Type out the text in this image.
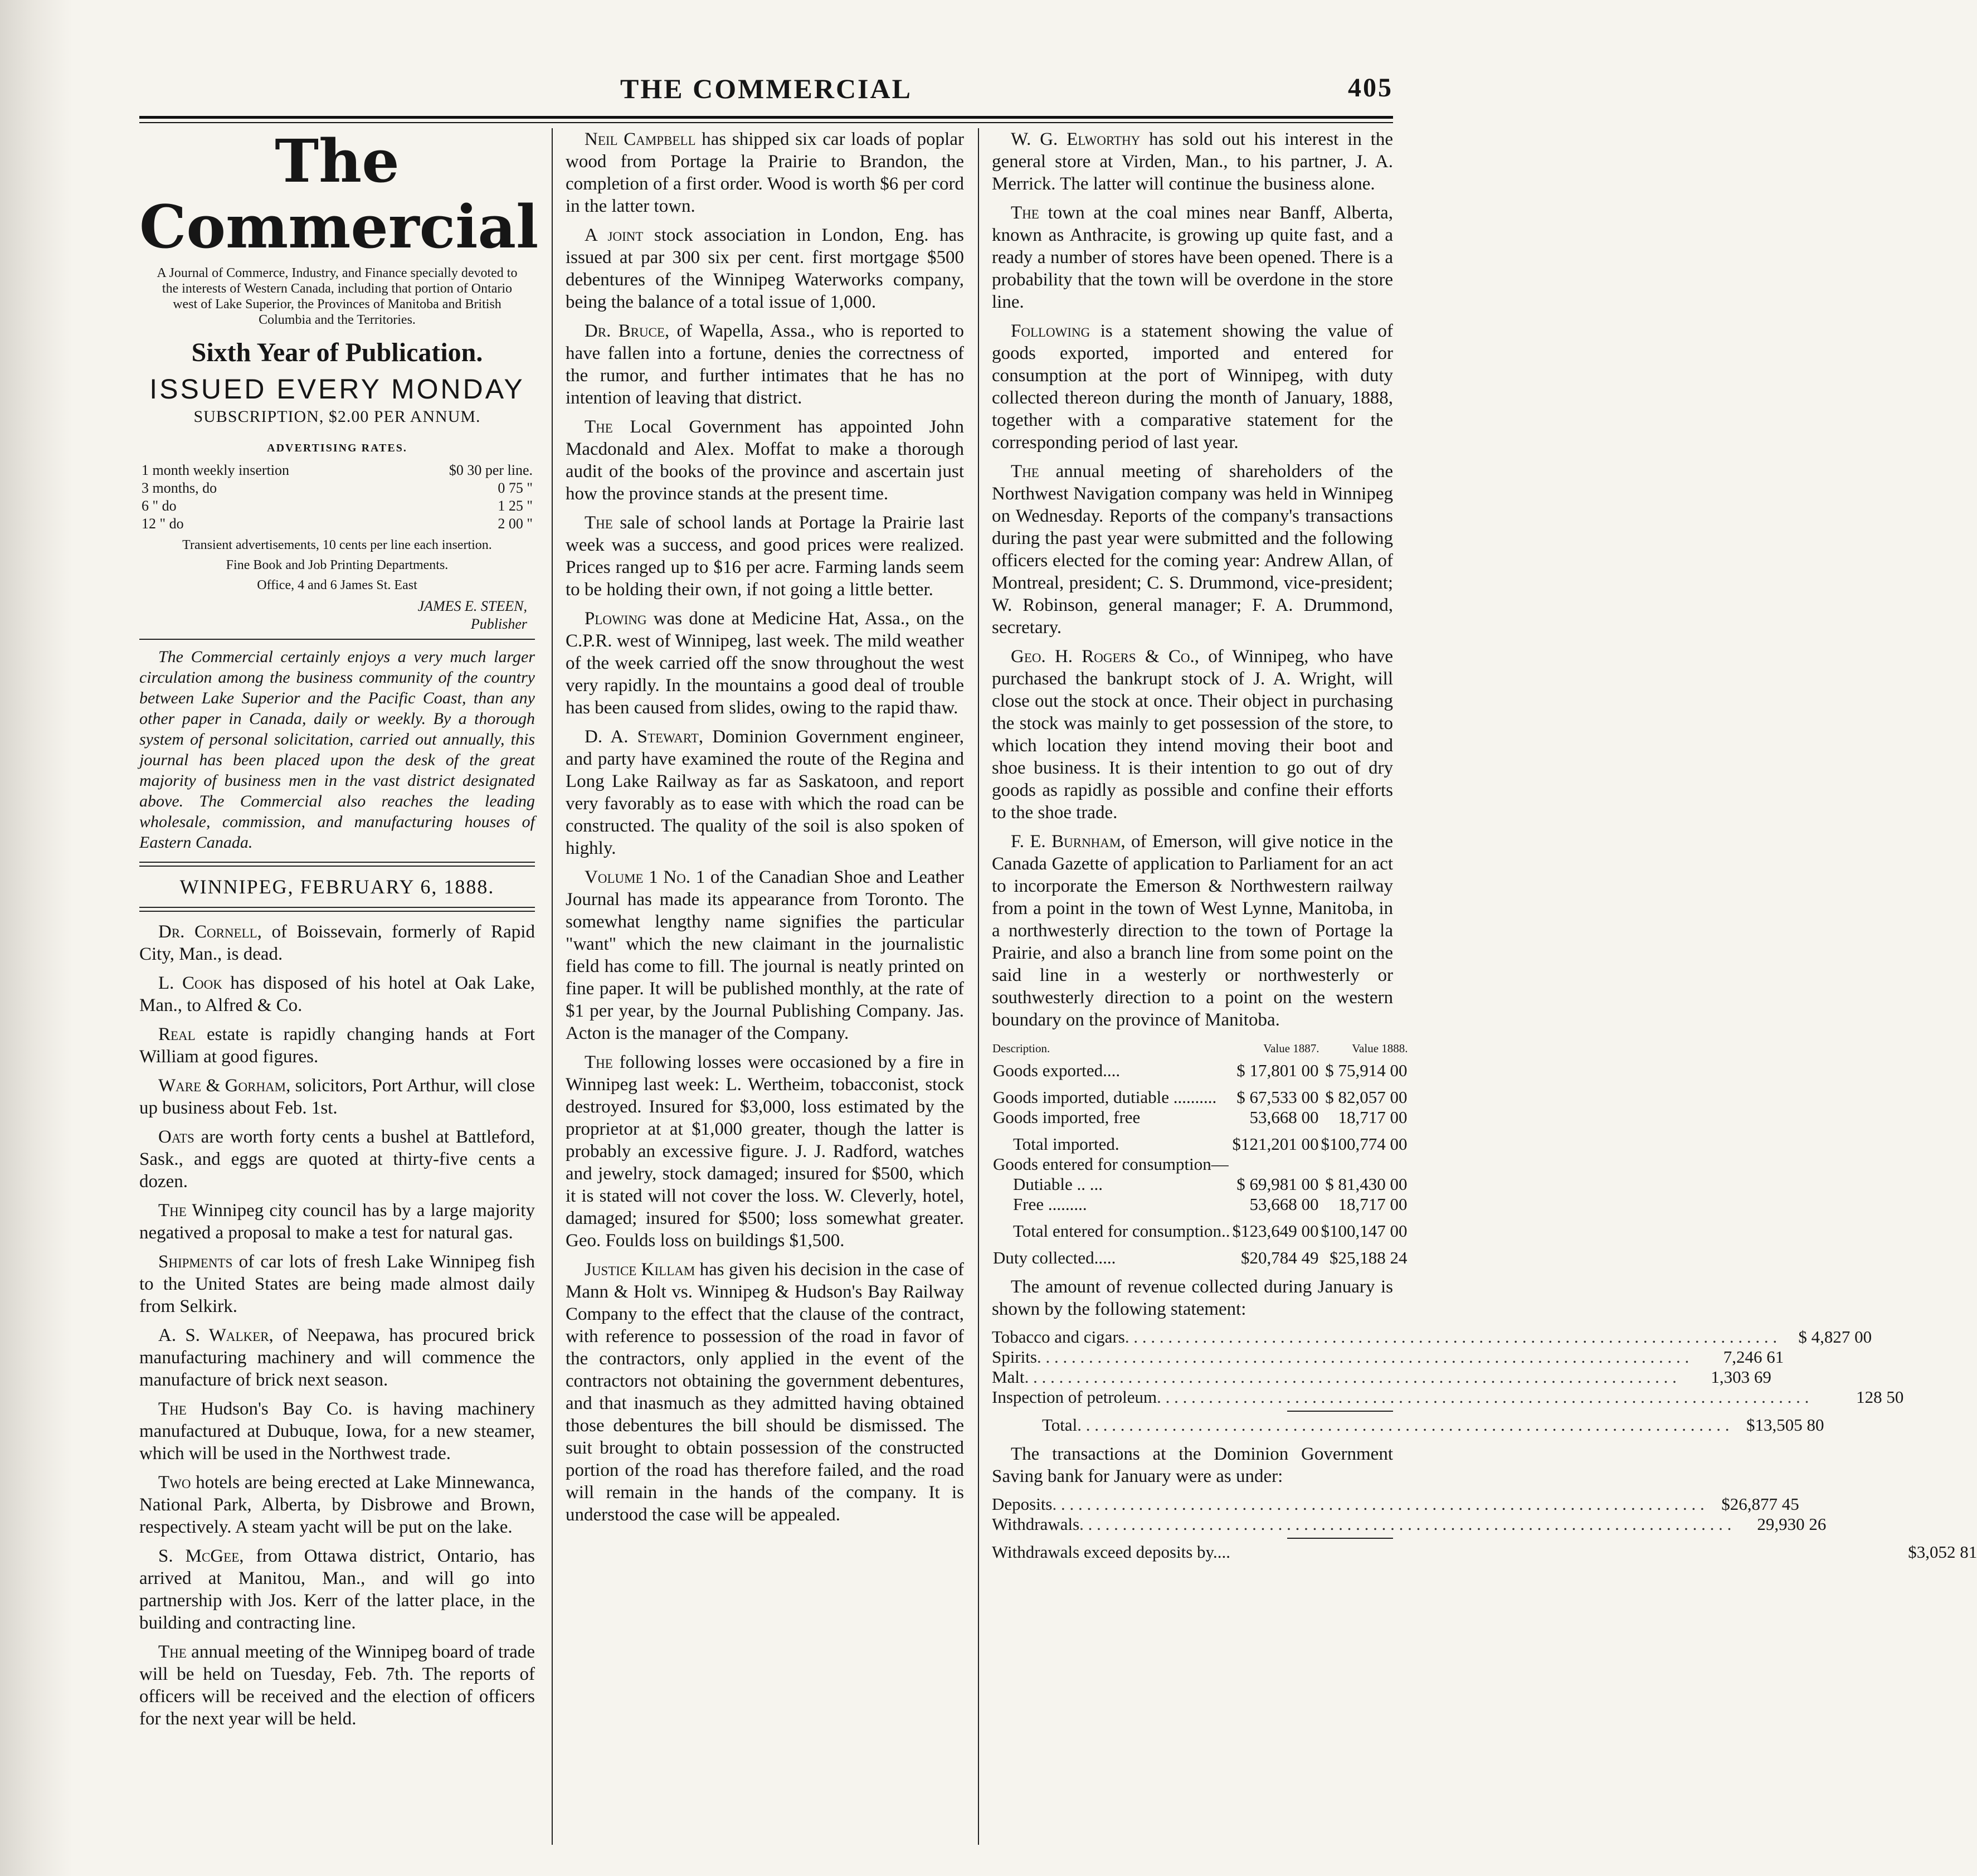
THE COMMERCIAL	405
The Commercial
A Journal of Commerce, Industry, and Finance specially devoted to the interests of Western Canada, including that portion of Ontario west of Lake Superior, the Provinces of Manitoba and British Columbia and the Territories.
Sixth Year of Publication.
ISSUED EVERY MONDAY
SUBSCRIPTION, $2.00 PER ANNUM.
ADVERTISING RATES.
1 month weekly insertion	$0 30 per line.
3 months, do	0 75 "
6 " do	1 25 "
12 " do	2 00 "
Transient advertisements, 10 cents per line each insertion.
Fine Book and Job Printing Departments.
Office, 4 and 6 James St. East
JAMES E. STEEN,
Publisher

The Commercial certainly enjoys a very much larger circulation among the business community of the country between Lake Superior and the Pacific Coast, than any other paper in Canada, daily or weekly. By a thorough system of personal solicitation, carried out annually, this journal has been placed upon the desk of the great majority of business men in the vast district designated above. The Commercial also reaches the leading wholesale, commission, and manufacturing houses of Eastern Canada.

WINNIPEG, FEBRUARY 6, 1888.

Dr. Cornell, of Boissevain, formerly of Rapid City, Man., is dead.

L. Cook has disposed of his hotel at Oak Lake, Man., to Alfred & Co.

Real estate is rapidly changing hands at Fort William at good figures.

Ware & Gorham, solicitors, Port Arthur, will close up business about Feb. 1st.

Oats are worth forty cents a bushel at Battleford, Sask., and eggs are quoted at thirty-five cents a dozen.

The Winnipeg city council has by a large majority negatived a proposal to make a test for natural gas.

Shipments of car lots of fresh Lake Winnipeg fish to the United States are being made almost daily from Selkirk.

A. S. Walker, of Neepawa, has procured brick manufacturing machinery and will commence the manufacture of brick next season.

The Hudson's Bay Co. is having machinery manufactured at Dubuque, Iowa, for a new steamer, which will be used in the Northwest trade.

Two hotels are being erected at Lake Minnewanca, National Park, Alberta, by Disbrowe and Brown, respectively. A steam yacht will be put on the lake.

S. McGee, from Ottawa district, Ontario, has arrived at Manitou, Man., and will go into partnership with Jos. Kerr of the latter place, in the building and contracting line.

The annual meeting of the Winnipeg board of trade will be held on Tuesday, Feb. 7th. The reports of officers will be received and the election of officers for the next year will be held.

Neil Campbell has shipped six car loads of poplar wood from Portage la Prairie to Brandon, the completion of a first order. Wood is worth $6 per cord in the latter town.

A joint stock association in London, Eng. has issued at par 300 six per cent. first mortgage $500 debentures of the Winnipeg Waterworks company, being the balance of a total issue of 1,000.

Dr. Bruce, of Wapella, Assa., who is reported to have fallen into a fortune, denies the correctness of the rumor, and further intimates that he has no intention of leaving that district.

The Local Government has appointed John Macdonald and Alex. Moffat to make a thorough audit of the books of the province and ascertain just how the province stands at the present time.

The sale of school lands at Portage la Prairie last week was a success, and good prices were realized. Prices ranged up to $16 per acre. Farming lands seem to be holding their own, if not going a little better.

Plowing was done at Medicine Hat, Assa., on the C.P.R. west of Winnipeg, last week. The mild weather of the week carried off the snow throughout the west very rapidly. In the mountains a good deal of trouble has been caused from slides, owing to the rapid thaw.

D. A. Stewart, Dominion Government engineer, and party have examined the route of the Regina and Long Lake Railway as far as Saskatoon, and report very favorably as to ease with which the road can be constructed. The quality of the soil is also spoken of highly.

Volume 1 No. 1 of the Canadian Shoe and Leather Journal has made its appearance from Toronto. The somewhat lengthy name signifies the particular "want" which the new claimant in the journalistic field has come to fill. The journal is neatly printed on fine paper. It will be published monthly, at the rate of $1 per year, by the Journal Publishing Company. Jas. Acton is the manager of the Company.

The following losses were occasioned by a fire in Winnipeg last week: L. Wertheim, tobacconist, stock destroyed. Insured for $3,000, loss estimated by the proprietor at at $1,000 greater, though the latter is probably an excessive figure. J. J. Radford, watches and jewelry, stock damaged; insured for $500, which it is stated will not cover the loss. W. Cleverly, hotel, damaged; insured for $500; loss somewhat greater. Geo. Foulds loss on buildings $1,500.

Justice Killam has given his decision in the case of Mann & Holt vs. Winnipeg & Hudson's Bay Railway Company to the effect that the clause of the contract, with reference to possession of the road in favor of the contractors, only applied in the event of the contractors not obtaining the government debentures, and that inasmuch as they admitted having obtained those debentures the bill should be dismissed. The suit brought to obtain possession of the constructed portion of the road has therefore failed, and the road will remain in the hands of the company. It is understood the case will be appealed.

W. G. Elworthy has sold out his interest in the general store at Virden, Man., to his partner, J. A. Merrick. The latter will continue the business alone.

The town at the coal mines near Banff, Alberta, known as Anthracite, is growing up quite fast, and a ready a number of stores have been opened. There is a probability that the town will be overdone in the store line.

Following is a statement showing the value of goods exported, imported and entered for consumption at the port of Winnipeg, with duty collected thereon during the month of January, 1888, together with a comparative statement for the corresponding period of last year.

The annual meeting of shareholders of the Northwest Navigation company was held in Winnipeg on Wednesday. Reports of the company's transactions during the past year were submitted and the following officers elected for the coming year: Andrew Allan, of Montreal, president; C. S. Drummond, vice-president; W. Robinson, general manager; F. A. Drummond, secretary.

Geo. H. Rogers & Co., of Winnipeg, who have purchased the bankrupt stock of J. A. Wright, will close out the stock at once. Their object in purchasing the stock was mainly to get possession of the store, to which location they intend moving their boot and shoe business. It is their intention to go out of dry goods as rapidly as possible and confine their efforts to the shoe trade.

F. E. Burnham, of Emerson, will give notice in the Canada Gazette of application to Parliament for an act to incorporate the Emerson & Northwestern railway from a point in the town of West Lynne, Manitoba, in a northwesterly direction to the town of Portage la Prairie, and also a branch line from some point on the said line in a westerly or northwesterly or southwesterly direction to a point on the western boundary on the province of Manitoba.

Description.	Value 1887.	Value 1888.
Goods exported....	$ 17,801 00	$ 75,914 00
Goods imported, dutiable ..........	$ 67,533 00	$ 82,057 00
Goods imported, free	53,668 00	18,717 00
Total imported.	$121,201 00	$100,774 00
Goods entered for consumption—		
Dutiable .. ...	$ 69,981 00	$ 81,430 00
Free .........	53,668 00	18,717 00
Total entered for consumption..	$123,649 00	$100,147 00
Duty collected.....	$20,784 49	$25,188 24

The amount of revenue collected during January is shown by the following statement:

Tobacco and cigars . . .	$ 4,827 00
Spirits . . .	7,246 61
Malt . . .	1,303 69
Inspection of petroleum . . .	128 50
Total . . .	$13,505 80

The transactions at the Dominion Government Saving bank for January were as under:

Deposits . . .	$26,877 45
Withdrawals . . .	29,930 26
Withdrawals exceed deposits by....	$3,052 81
